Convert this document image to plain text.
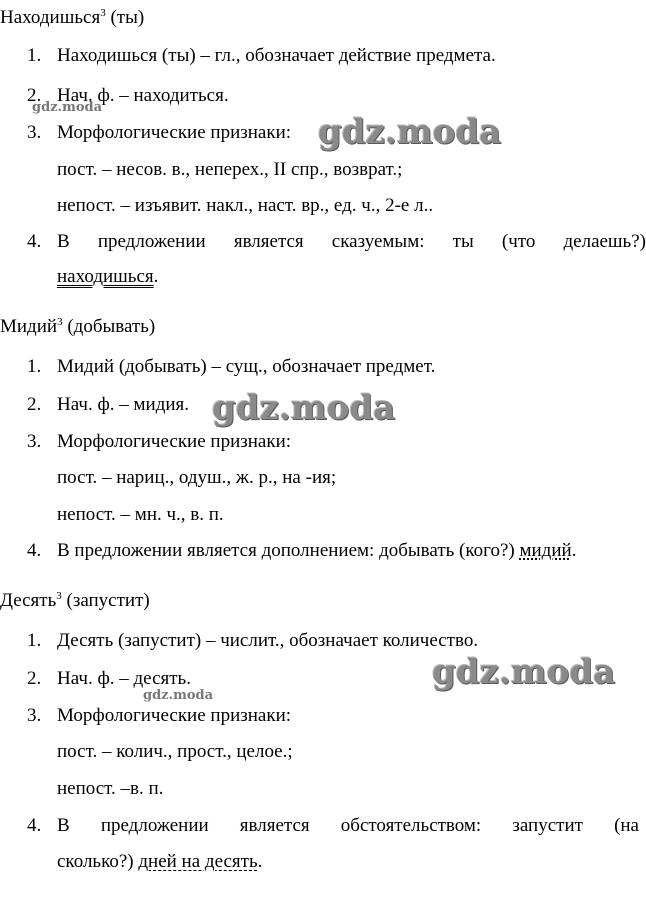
Находишься$^3$ (ты)
1. Находишься (ты) – гл., обозначает действие предмета.
2. Нач. ф. – находиться.
3. Морфологические признаки:
пост. – несов. в., неперех., II спр., возврат.;
непост. – изъявит. накл., наст. вр., ед. ч., 2-е л..
4. В предложении является сказуемым: ты (что делаешь?)
находишься.
Мидий$^3$ (добывать)
1. Мидий (добывать) – сущ., обозначает предмет.
2. Нач. ф. – мидия.
3. Морфологические признаки:
пост. – нариц., одуш., ж. р., на -ия;
непост. – мн. ч., в. п.
4. В предложении является дополнением: добывать (кого?) мидий.
Десять$^3$ (запустит)
1. Десять (запустит) – числит., обозначает количество.
2. Нач. ф. – десять.
3. Морфологические признаки:
пост. – колич., прост., целое.;
непост. –в. п.
4. В предложении является обстоятельством: запустит (на
сколько?) дней на десять.
gdz.moda
gdz.moda
gdz.moda
gdz.moda
gdz.moda
